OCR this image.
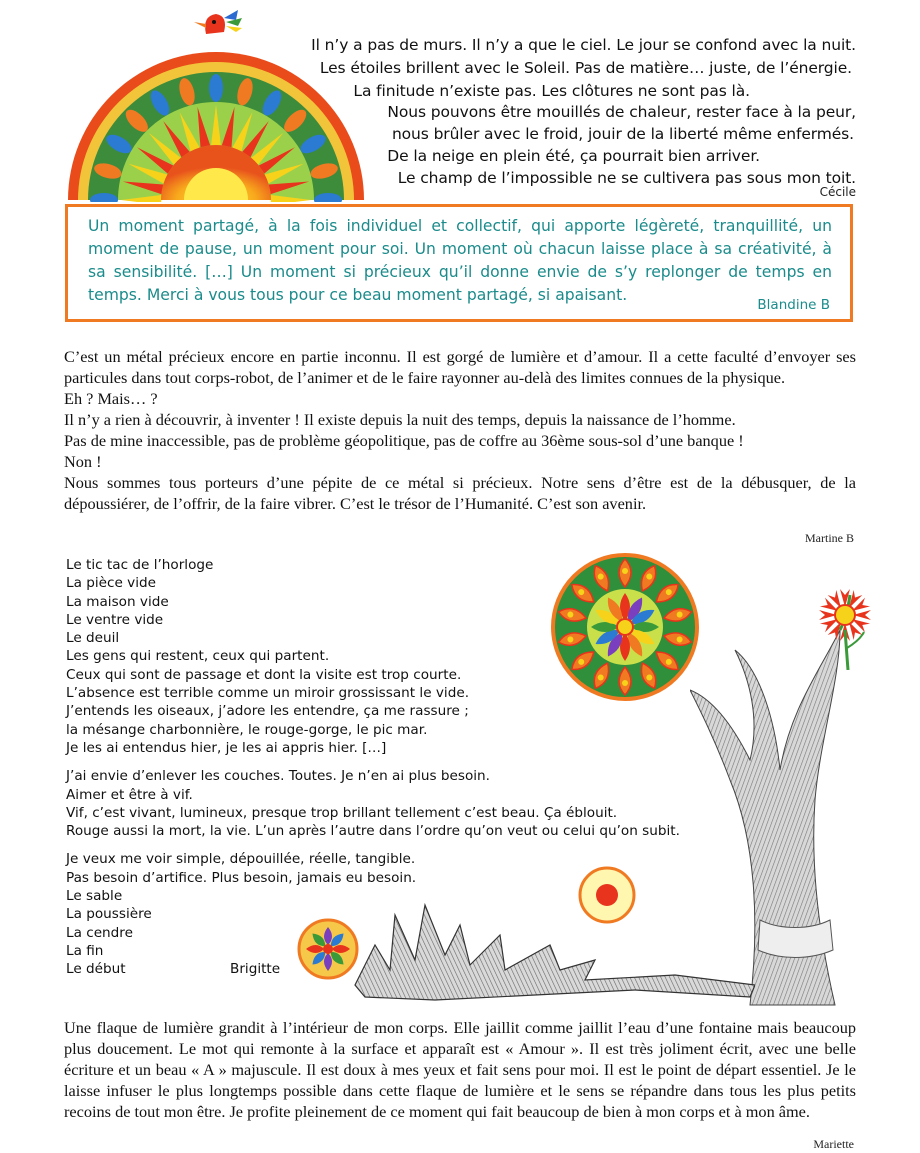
Il n’y a pas de murs. Il n’y a que le ciel. Le jour se confond avec la nuit.
Les étoiles brillent avec le Soleil. Pas de matière… juste, de l’énergie.
La finitude n’existe pas. Les clôtures ne sont pas là.
Nous pouvons être mouillés de chaleur, rester face à la peur,
nous brûler avec le froid, jouir de la liberté même enfermés.
De la neige en plein été, ça pourrait bien arriver.
Le champ de l’impossible ne se cultivera pas sous mon toit.
Cécile
Un moment partagé, à la fois individuel et collectif, qui apporte légèreté, tranquillité, un moment de pause, un moment pour soi. Un moment où chacun laisse place à sa créativité, à sa sensibilité. […] Un moment si précieux qu’il donne envie de s’y replonger de temps en temps. Merci à vous tous pour ce beau moment partagé, si apaisant.
Blandine B
C’est un métal précieux encore en partie inconnu. Il est gorgé de lumière et d’amour. Il a cette faculté d’envoyer ses particules dans tout corps-robot, de l’animer et de le faire rayonner au-delà des limites connues de la physique.
Eh ? Mais… ?
Il n’y a rien à découvrir, à inventer ! Il existe depuis la nuit des temps, depuis la naissance de l’homme.
Pas de mine inaccessible, pas de problème géopolitique, pas de coffre au 36ème sous-sol d’une banque !
Non !
Nous sommes tous porteurs d’une pépite de ce métal si précieux. Notre sens d’être est de la débusquer, de la dépoussiérer, de l’offrir, de la faire vibrer. C’est le trésor de l’Humanité. C’est son avenir.
Martine B
Le tic tac de l’horloge
La pièce vide
La maison vide
Le ventre vide
Le deuil
Les gens qui restent, ceux qui partent.
Ceux qui sont de passage et dont la visite est trop courte.
L’absence est terrible comme un miroir grossissant le vide.
J’entends les oiseaux, j’adore les entendre, ça me rassure ;
la mésange charbonnière, le rouge-gorge, le pic mar.
Je les ai entendus hier, je les ai appris hier. […]
J’ai envie d’enlever les couches. Toutes. Je n’en ai plus besoin.
Aimer et être à vif.
Vif, c’est vivant, lumineux, presque trop brillant tellement c’est beau. Ça éblouit.
Rouge aussi la mort, la vie. L’un après l’autre dans l’ordre qu’on veut ou celui qu’on subit.
Je veux me voir simple, dépouillée, réelle, tangible.
Pas besoin d’artifice. Plus besoin, jamais eu besoin.
Le sable
La poussière
La cendre
La fin
Le début	Brigitte
Une flaque de lumière grandit à l’intérieur de mon corps. Elle jaillit comme jaillit l’eau d’une fontaine mais beaucoup plus doucement. Le mot qui remonte à la surface et apparaît est « Amour ». Il est très joliment écrit, avec une belle écriture et un beau « A » majuscule. Il est doux à mes yeux et fait sens pour moi. Il est le point de départ essentiel. Je le laisse infuser le plus longtemps possible dans cette flaque de lumière et le sens se répandre dans tous les plus petits recoins de tout mon être. Je profite pleinement de ce moment qui fait beaucoup de bien à mon corps et à mon âme.
Mariette
